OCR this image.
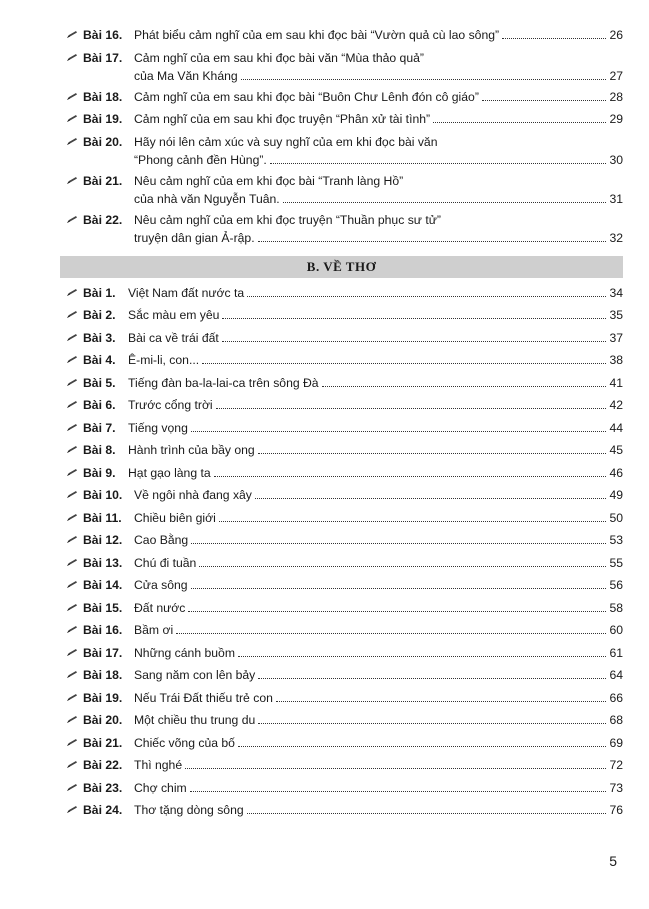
Bài 16. Phát biểu cảm nghĩ của em sau khi đọc bài “Vườn quả cù lao sông”	26
Bài 17. Cảm nghĩ của em sau khi đọc bài văn “Mùa thảo quả”
của Ma Văn Kháng	27
Bài 18. Cảm nghĩ của em sau khi đọc bài “Buôn Chư Lênh đón cô giáo”	28
Bài 19. Cảm nghĩ của em sau khi đọc truyện “Phân xử tài tình”	29
Bài 20. Hãy nói lên cảm xúc và suy nghĩ của em khi đọc bài văn
“Phong cảnh đền Hùng”.	30
Bài 21. Nêu cảm nghĩ của em khi đọc bài “Tranh làng Hồ”
của nhà văn Nguyễn Tuân.	31
Bài 22. Nêu cảm nghĩ của em khi đọc truyện “Thuần phục sư tử”
truyện dân gian Ả-rập.	32
B. VỀ THƠ
Bài 1. Việt Nam đất nước ta	34
Bài 2. Sắc màu em yêu	35
Bài 3. Bài ca về trái đất	37
Bài 4. Ê-mi-li, con...	38
Bài 5. Tiếng đàn ba-la-lai-ca trên sông Đà	41
Bài 6. Trước cổng trời	42
Bài 7. Tiếng vọng	44
Bài 8. Hành trình của bầy ong	45
Bài 9. Hạt gạo làng ta	46
Bài 10. Về ngôi nhà đang xây	49
Bài 11. Chiều biên giới	50
Bài 12. Cao Bằng	53
Bài 13. Chú đi tuần	55
Bài 14. Cửa sông	56
Bài 15. Đất nước	58
Bài 16. Bầm ơi	60
Bài 17. Những cánh buồm	61
Bài 18. Sang năm con lên bảy	64
Bài 19. Nếu Trái Đất thiếu trẻ con	66
Bài 20. Một chiều thu trung du	68
Bài 21. Chiếc võng của bố	69
Bài 22. Thì nghé	72
Bài 23. Chợ chim	73
Bài 24. Thơ tặng dòng sông	76
5
